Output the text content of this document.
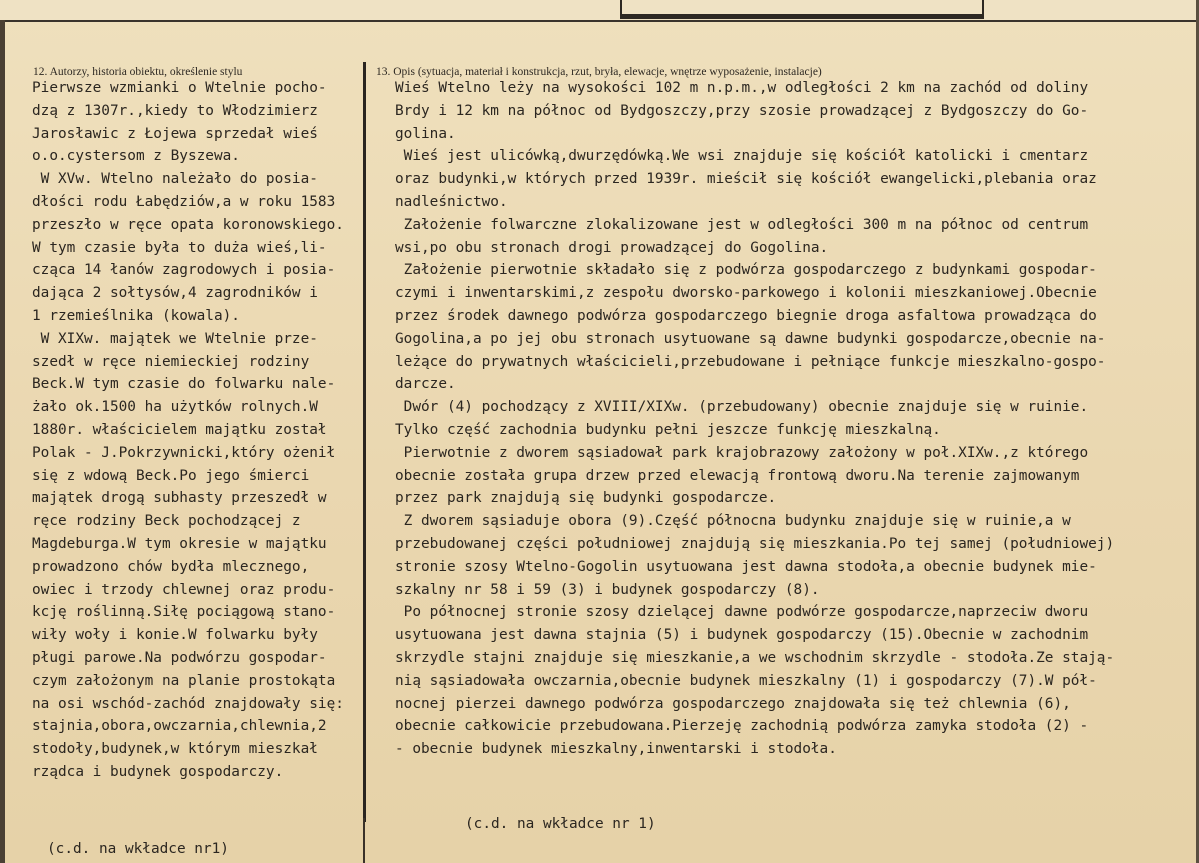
12. Autorzy, historia obiektu, określenie stylu	13. Opis (sytuacja, materiał i konstrukcja, rzut, bryła, elewacje, wnętrze wyposażenie, instalacje)
Pierwsze wzmianki o Wtelnie pocho-
dzą z 1307r.,kiedy to Włodzimierz
Jarosławic z Łojewa sprzedał wieś
o.o.cystersom z Byszewa.
W XVw. Wtelno należało do posia-
dłości rodu Łabędziów,a w roku 1583
przeszło w ręce opata koronowskiego.
W tym czasie była to duża wieś,li-
cząca 14 łanów zagrodowych i posia-
dająca 2 sołtysów,4 zagrodników i
1 rzemieślnika (kowala).
W XIXw. majątek we Wtelnie prze-
szedł w ręce niemieckiej rodziny
Beck.W tym czasie do folwarku nale-
żało ok.1500 ha użytków rolnych.W
1880r. właścicielem majątku został
Polak - J.Pokrzywnicki,który ożenił
się z wdową Beck.Po jego śmierci
majątek drogą subhasty przeszedł w
ręce rodziny Beck pochodzącej z
Magdeburga.W tym okresie w majątku
prowadzono chów bydła mlecznego,
owiec i trzody chlewnej oraz produ-
kcję roślinną.Siłę pociągową stano-
wiły woły i konie.W folwarku były
pługi parowe.Na podwórzu gospodar-
czym założonym na planie prostokąta
na osi wschód-zachód znajdowały się:
stajnia,obora,owczarnia,chlewnia,2
stodoły,budynek,w którym mieszkał
rządca i budynek gospodarczy.
Wieś Wtelno leży na wysokości 102 m n.p.m.,w odległości 2 km na zachód od doliny
Brdy i 12 km na północ od Bydgoszczy,przy szosie prowadzącej z Bydgoszczy do Go-
golina.
Wieś jest ulicówką,dwurzędówką.We wsi znajduje się kościół katolicki i cmentarz
oraz budynki,w których przed 1939r. mieścił się kościół ewangelicki,plebania oraz
nadleśnictwo.
Założenie folwarczne zlokalizowane jest w odległości 300 m na północ od centrum
wsi,po obu stronach drogi prowadzącej do Gogolina.
Założenie pierwotnie składało się z podwórza gospodarczego z budynkami gospodar-
czymi i inwentarskimi,z zespołu dworsko-parkowego i kolonii mieszkaniowej.Obecnie
przez środek dawnego podwórza gospodarczego biegnie droga asfaltowa prowadząca do
Gogolina,a po jej obu stronach usytuowane są dawne budynki gospodarcze,obecnie na-
leżące do prywatnych właścicieli,przebudowane i pełniące funkcje mieszkalno-gospo-
darcze.
Dwór (4) pochodzący z XVIII/XIXw. (przebudowany) obecnie znajduje się w ruinie.
Tylko część zachodnia budynku pełni jeszcze funkcję mieszkalną.
Pierwotnie z dworem sąsiadował park krajobrazowy założony w poł.XIXw.,z którego
obecnie została grupa drzew przed elewacją frontową dworu.Na terenie zajmowanym
przez park znajdują się budynki gospodarcze.
Z dworem sąsiaduje obora (9).Część północna budynku znajduje się w ruinie,a w
przebudowanej części południowej znajdują się mieszkania.Po tej samej (południowej)
stronie szosy Wtelno-Gogolin usytuowana jest dawna stodoła,a obecnie budynek mie-
szkalny nr 58 i 59 (3) i budynek gospodarczy (8).
Po północnej stronie szosy dzielącej dawne podwórze gospodarcze,naprzeciw dworu
usytuowana jest dawna stajnia (5) i budynek gospodarczy (15).Obecnie w zachodnim
skrzydle stajni znajduje się mieszkanie,a we wschodnim skrzydle - stodoła.Ze stają-
nią sąsiadowała owczarnia,obecnie budynek mieszkalny (1) i gospodarczy (7).W pół-
nocnej pierzei dawnego podwórza gospodarczego znajdowała się też chlewnia (6),
obecnie całkowicie przebudowana.Pierzeję zachodnią podwórza zamyka stodoła (2) -
- obecnie budynek mieszkalny,inwentarski i stodoła.
(c.d. na wkładce nr1)
(c.d. na wkładce nr 1)
